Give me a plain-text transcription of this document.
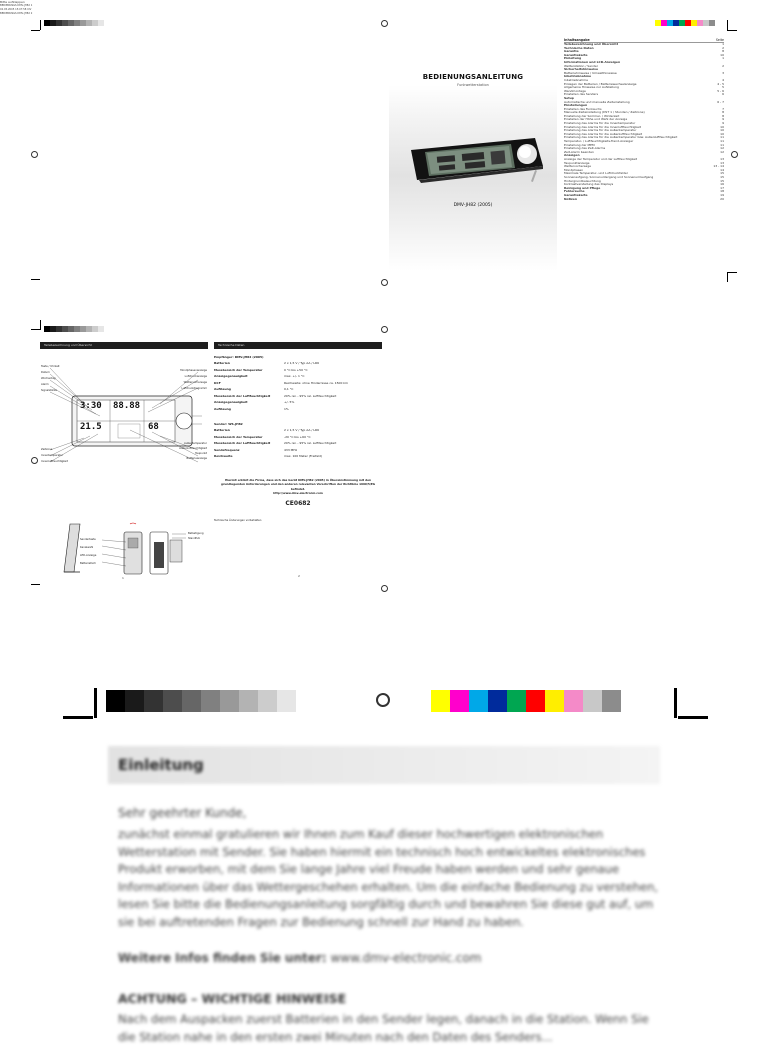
Bitte aufklappen
BEDIENUNGS DMV-JH82 1
02.05.2005 15:07:58 Uhr
BEDIENUNGSANLEITUNG
Funkwetterstation
DMV-JH82 (2005)
Inhaltsangabe	Seite
Teilebezeichnung und Übersicht	1
Technische Daten	2
Garantie	8
Garantiekarte	10
Einleitung	1
Informationen und LCD-Anzeigen
Wetterstation / Sender	2
Sicherheitshinweise
Batteriehinweise / Umwelthinweise	3
Inbetriebnahme
Inbetriebnahme	4
Einlegen der Batterien / Batteriewechselanzeige	4 - 5
Allgemeine Hinweise zur Aufstellung	5
Wandmontage	5 - 6
Einstellen des Senders	6
Setup
Automatische und manuelle Zeiteinstellung	6 - 7
Einstellungen
Einstellen des Funksuchs	7
Manuelle Zeiteinstellung (DST 1 / Stunden / Zeitzone)	8
Einstellung der Sommer- / Winterzeit	8
Einstellen der Höhe und Wahl der Anzeige	9
Einstellung des Alarms für die Innentemperatur	9
Einstellung des Alarms für die Innenluftfeuchtigkeit	10
Einstellung des Alarms für die Außentemperatur	10
Einstellung des Alarms für die Außenluftfeuchtigkeit	10
Einstellung des Alarms für die Außentemperatur bzw. Außenluftfeuchtigkeit	11
Temperatur- / Luftfeuchtigkeits-Trend-Anzeiger	11
Einstellung der MEM	11
Einstellung des Zeit-Alarms	12
Zeit-Alarm beenden	12
Anzeigen
Anzeige der Temperatur und der Luftfeuchtigkeit	13
Taupunktanzeige	13
Wettervorhersage	13 - 14
Mondphasen	14
Maximale Temperatur- und Luftdruckfelder	15
Sonnenaufgang, Sonnenuntergang und Sonnenumlaufgang	15
Hintergrundbeleuchtung	15
Kontrastverstellung des Displays	16
Reinigung und Pflege	17
Fehlersuche	18
Garantiekarte	19
Notizen	20
BEDIENUNGS DMV-JH82 2
Teilebezeichnung und Übersicht
3:30 88.88
21.5	68
Taste / Uhrzeit
Datum
Wochentag
Alarm
Signalstärke
Zeitzone
Innentemperatur
Innenluftfeuchtigkeit
Mondphasenanzeige
Luftdruckanzeige
Wettervorhersage
Luftdruckdiagramm
Außentemperatur
Außenluftfeuchtigkeit
Taupunkt
Batterieanzeige
Sendertaste
Kanalwahl
LED-Anzeige
Batteriefach
Befestigung
Standfuß
1
Technische Daten
Empfänger: DMV-JH82 (2005)
Batterien	2 x 1,5 V / Typ AA / LR6
Messbereich der Temperatur	0 °C bis +50 °C
Anzeigegenauigkeit	max. +/- 1 °C
DCF	Reichweite: ohne Hindernisse ca. 1500 km
Auflösung	0,1 °C
Messbereich der Luftfeuchtigkeit	20% rel. - 95% rel. Luftfeuchtigkeit
Anzeigegenauigkeit	+/- 5%
Auflösung	1%
Sender: WS-JH82
Batterien	2 x 1,5 V / Typ AA / LR6
Messbereich der Temperatur	-20 °C bis +60 °C
Messbereich der Luftfeuchtigkeit	20% rel. - 95% rel. Luftfeuchtigkeit
Sendefrequenz	433 MHz
Reichweite	max. 100 Meter (Freifeld)
Hiermit erklärt die Firma, dass sich das Gerät DMV-JH82 (2005) in Übereinstimmung mit den grundlegenden Anforderungen und den anderen relevanten Vorschriften der Richtlinie 1999/5/EG befindet.
http://www.dmv-electronic.com
CE0682
Technische Änderungen vorbehalten
2
Einleitung
Sehr geehrter Kunde,
zunächst einmal gratulieren wir Ihnen zum Kauf dieser hochwertigen elektronischen Wetterstation mit Sender. Sie haben hiermit ein technisch hoch entwickeltes elektronisches Produkt erworben, mit dem Sie lange Jahre viel Freude haben werden und sehr genaue Informationen über das Wettergeschehen erhalten. Um die einfache Bedienung zu verstehen, lesen Sie bitte die Bedienungsanleitung sorgfältig durch und bewahren Sie diese gut auf, um sie bei auftretenden Fragen zur Bedienung schnell zur Hand zu haben.
Weitere Infos finden Sie unter: www.dmv-electronic.com
ACHTUNG – WICHTIGE HINWEISE
Nach dem Auspacken zuerst Batterien in den Sender legen, danach in die Station. Wenn Sie die Station nahe in den ersten zwei Minuten nach den Daten des Senders...
